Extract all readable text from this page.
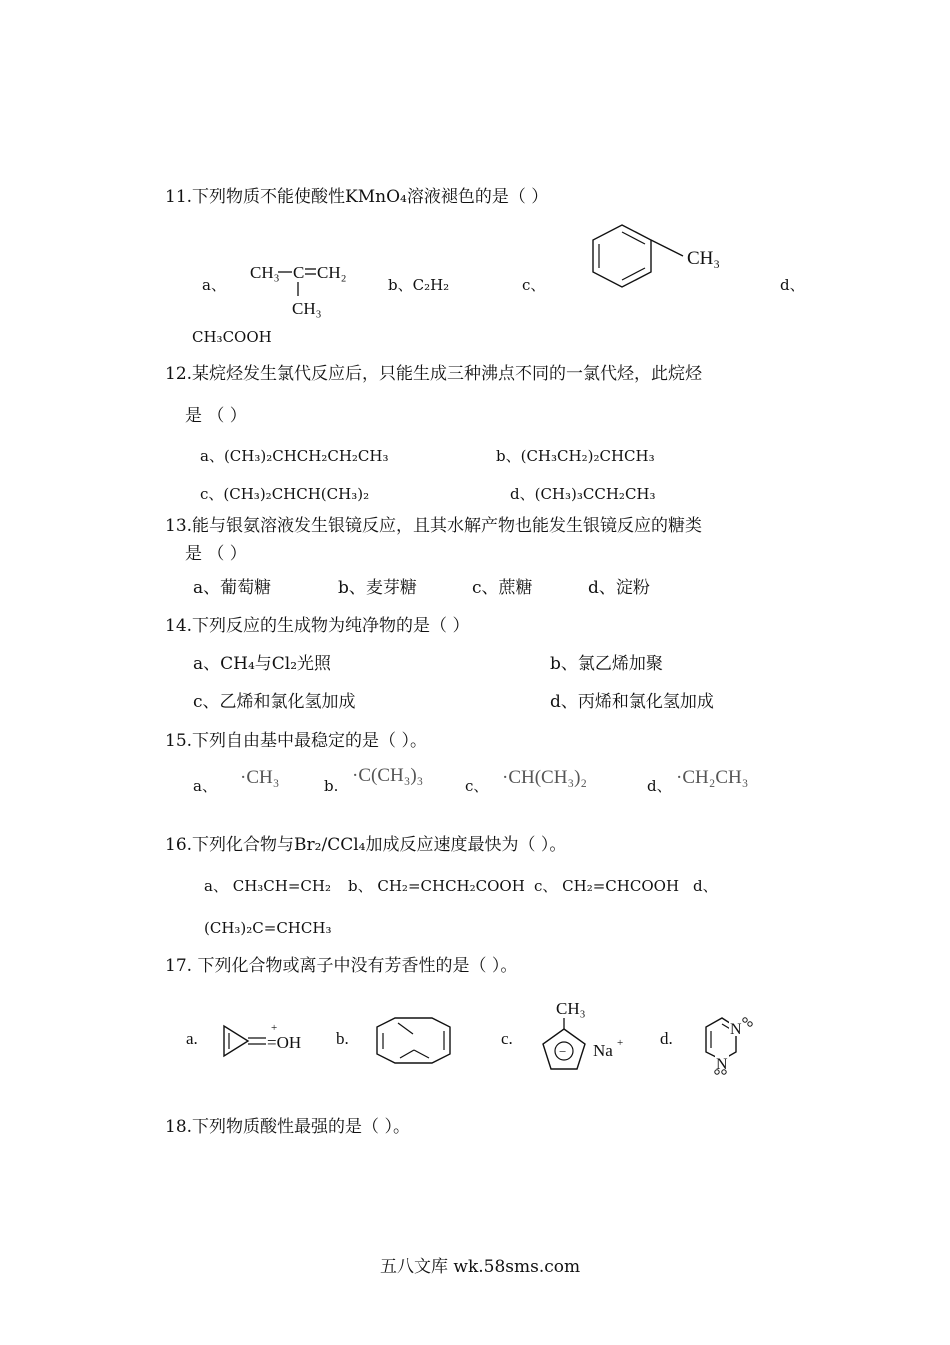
11.下列物质不能使酸性KMnO₄溶液褪色的是（ ）
a、
CH₃ C CH₂
CH₃
b、C₂H₂	c、
CH₃
d、
CH₃COOH
12.某烷烃发生氯代反应后，只能生成三种沸点不同的一氯代烃，此烷烃
是 （ ）
a、(CH₃)₂CHCH₂CH₂CH₃	b、(CH₃CH₂)₂CHCH₃
c、(CH₃)₂CHCH(CH₃)₂	d、(CH₃)₃CCH₂CH₃
13.能与银氨溶液发生银镜反应，且其水解产物也能发生银镜反应的糖类
是 （ ）
a、葡萄糖	b、麦芽糖	c、蔗糖	d、淀粉
14.下列反应的生成物为纯净物的是（ ）
a、CH₄与Cl₂光照	b、氯乙烯加聚
c、乙烯和氯化氢加成	d、丙烯和氯化氢加成
15.下列自由基中最稳定的是（ ）。
a、 ·CH₃	b. ·C(CH₃)₃	c、 ·CH(CH₃)₂	d、 ·CH₂CH₃
16.下列化合物与Br₂/CCl₄加成反应速度最快为（ ）。
a、 CH₃CH=CH₂ b、 CH₂=CHCH₂COOH c、 CH₂=CHCOOH d、
(CH₃)₂C=CHCH₃
17. 下列化合物或离子中没有芳香性的是（ ）。
a.	=OH
+
b.	c.
CH₃
− Na + d.	N
N
18.下列物质酸性最强的是（ ）。
五八文库 wk.58sms.com
